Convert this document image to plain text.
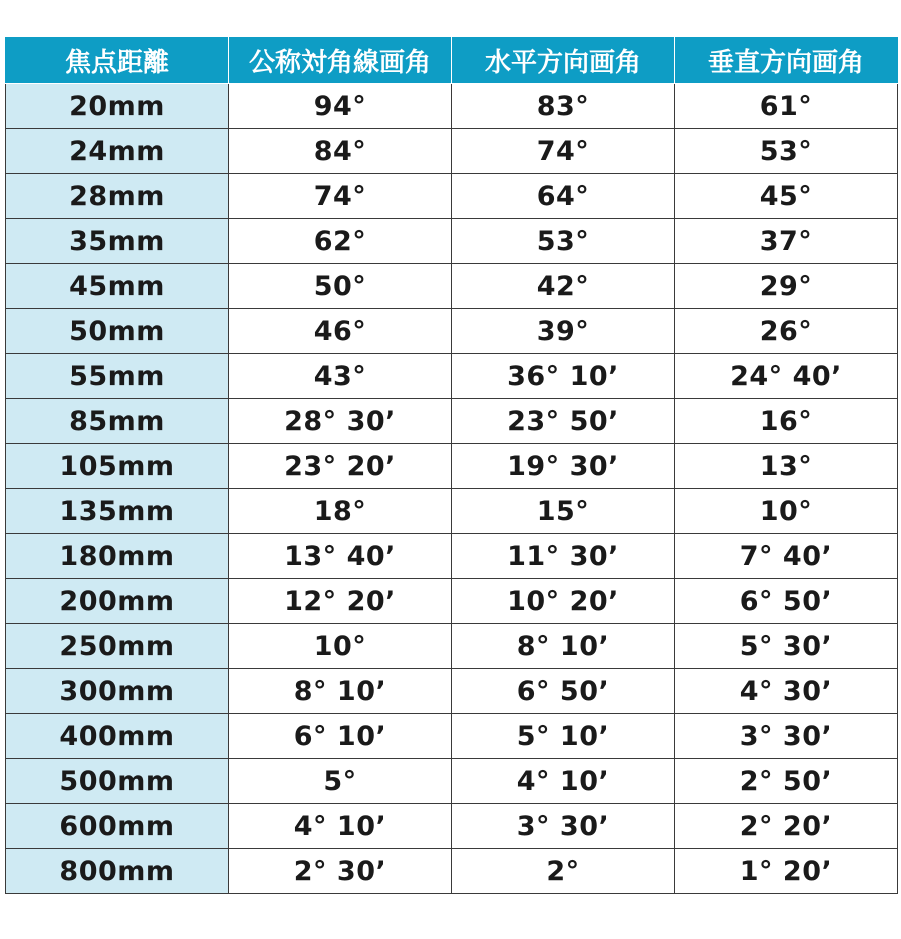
焦点距離	公称対角線画角	水平方向画角	垂直方向画角
20mm	94°	83°	61°
24mm	84°	74°	53°
28mm	74°	64°	45°
35mm	62°	53°	37°
45mm	50°	42°	29°
50mm	46°	39°	26°
55mm	43°	36° 10’	24° 40’
85mm	28° 30’	23° 50’	16°
105mm	23° 20’	19° 30’	13°
135mm	18°	15°	10°
180mm	13° 40’	11° 30’	7° 40’
200mm	12° 20’	10° 20’	6° 50’
250mm	10°	8° 10’	5° 30’
300mm	8° 10’	6° 50’	4° 30’
400mm	6° 10’	5° 10’	3° 30’
500mm	5°	4° 10’	2° 50’
600mm	4° 10’	3° 30’	2° 20’
800mm	2° 30’	2°	1° 20’
